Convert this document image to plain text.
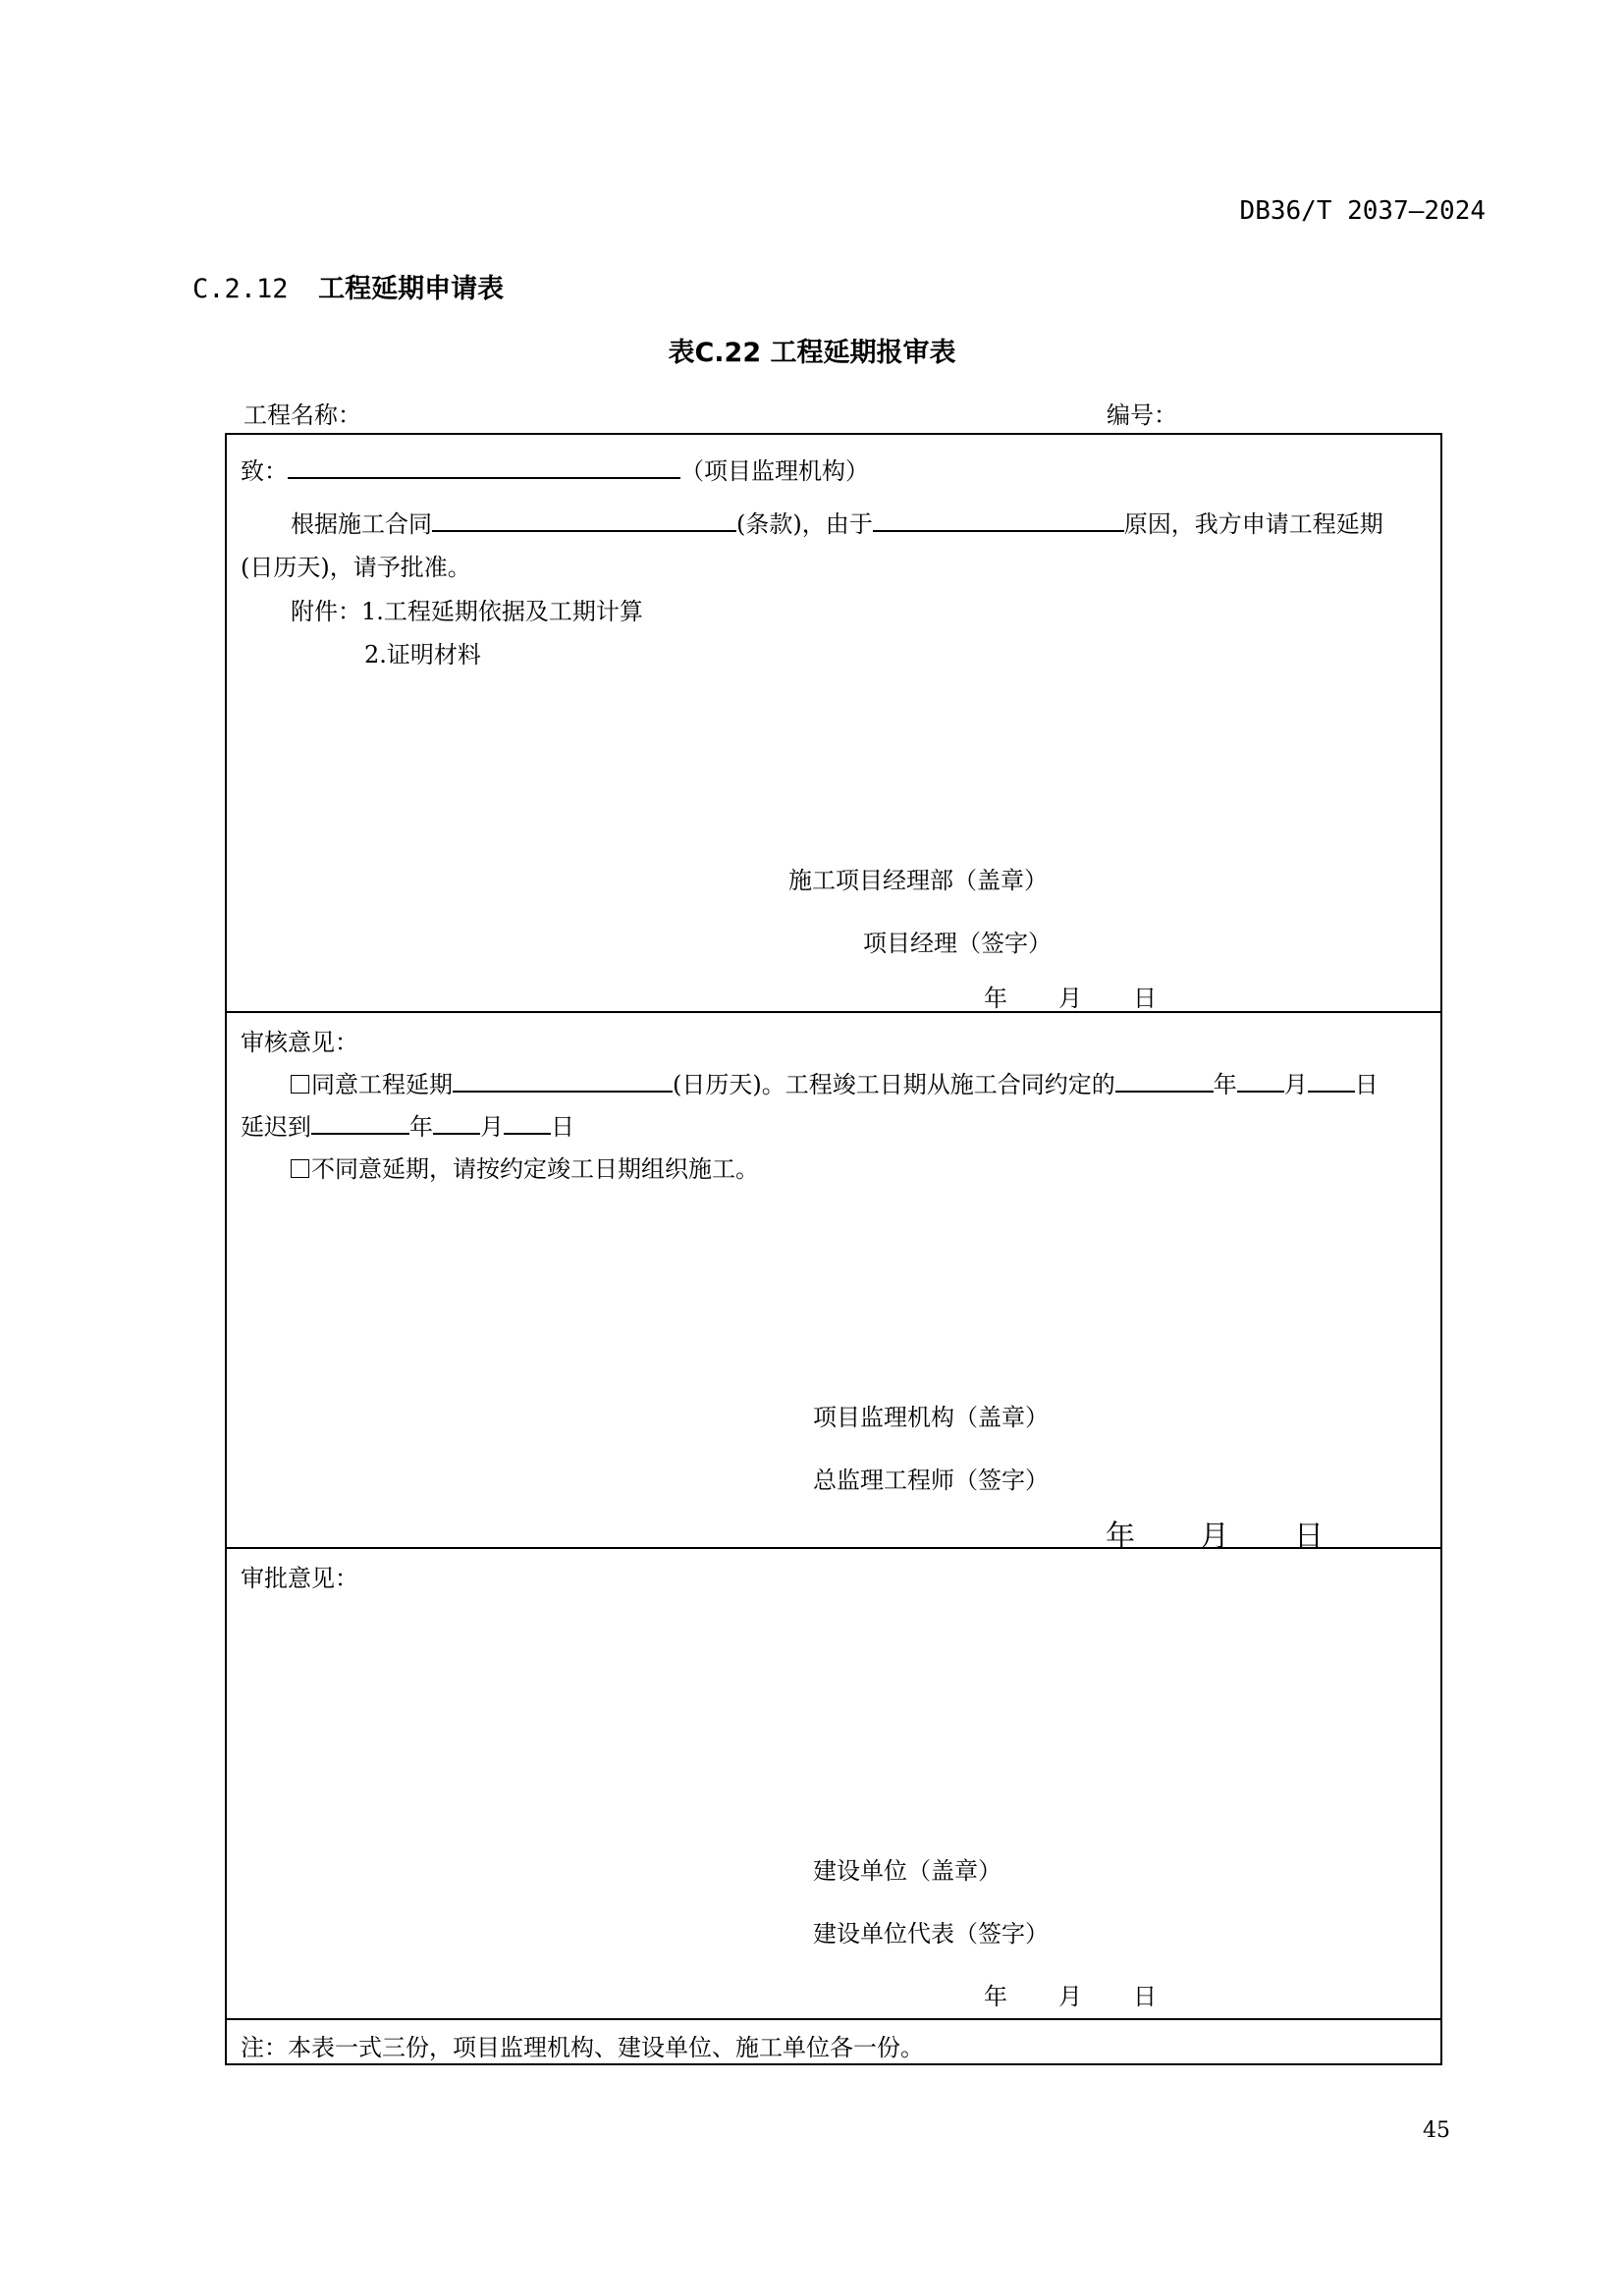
DB36/T 2037—2024
C.2.12 工程延期申请表
表C.22 工程延期报审表
工程名称：	编号：
致：	（项目监理机构）
根据施工合同	(条款)，由于	原因，我方申请工程延期
(日历天)，请予批准。
附件：1.工程延期依据及工期计算
2.证明材料
施工项目经理部（盖章）
项目经理（签字）
年 月 日
审核意见：
同意工程延期	(日历天)。工程竣工日期从施工合同约定的	年 月 日
延迟到	年 月 日
不同意延期，请按约定竣工日期组织施工。
项目监理机构（盖章）
总监理工程师（签字）
年 月 日
审批意见：
建设单位（盖章）
建设单位代表（签字）
年 月 日
注：本表一式三份，项目监理机构、建设单位、施工单位各一份。
45
